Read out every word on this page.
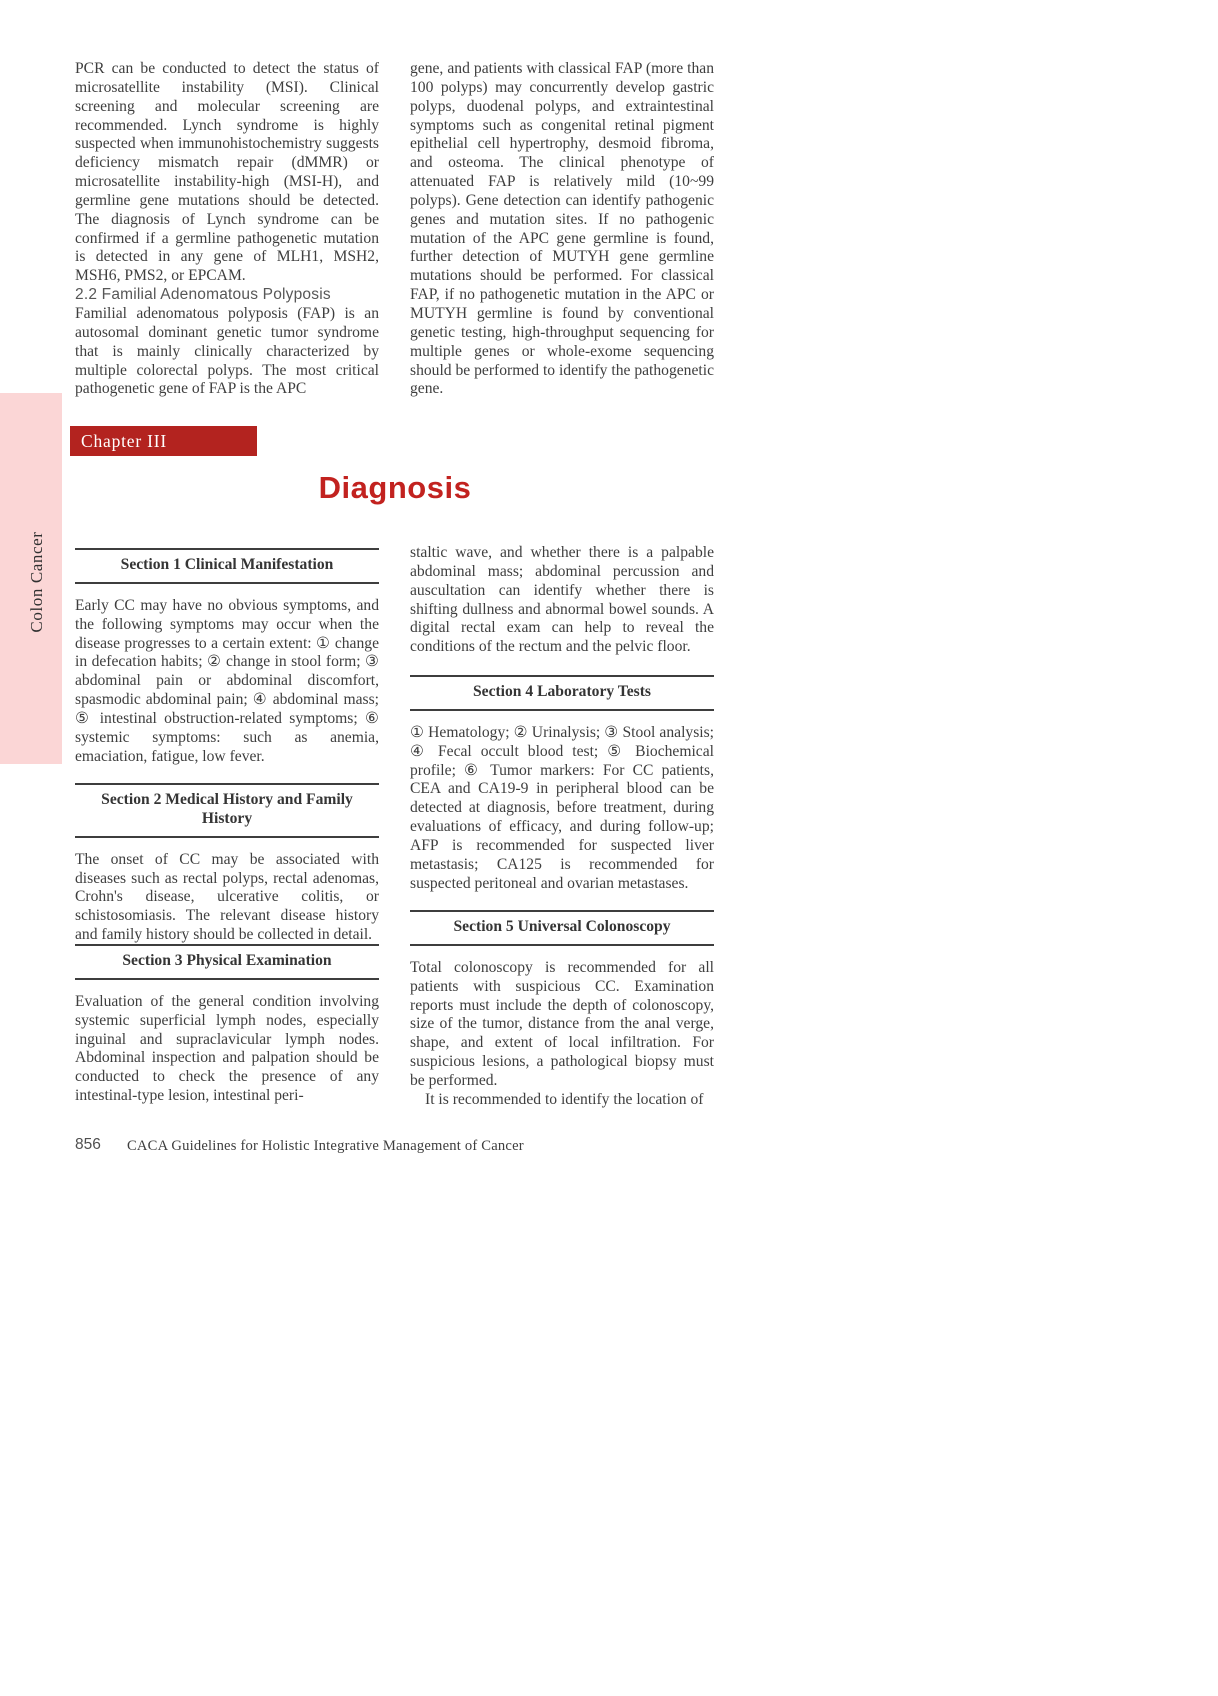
Colon Cancer

PCR can be conducted to detect the status of microsatellite instability (MSI). Clinical screening and molecular screening are recommended. Lynch syndrome is highly suspected when immunohistochemistry suggests deficiency mismatch repair (dMMR) or microsatellite instability-high (MSI-H), and germline gene mutations should be detected. The diagnosis of Lynch syndrome can be confirmed if a germline pathogenetic mutation is detected in any gene of MLH1, MSH2, MSH6, PMS2, or EPCAM.

2.2 Familial Adenomatous Polyposis

Familial adenomatous polyposis (FAP) is an autosomal dominant genetic tumor syndrome that is mainly clinically characterized by multiple colorectal polyps. The most critical pathogenetic gene of FAP is the APC

gene, and patients with classical FAP (more than 100 polyps) may concurrently develop gastric polyps, duodenal polyps, and extraintestinal symptoms such as congenital retinal pigment epithelial cell hypertrophy, desmoid fibroma, and osteoma. The clinical phenotype of attenuated FAP is relatively mild (10~99 polyps). Gene detection can identify pathogenic genes and mutation sites. If no pathogenic mutation of the APC gene germline is found, further detection of MUTYH gene germline mutations should be performed. For classical FAP, if no pathogenetic mutation in the APC or MUTYH germline is found by conventional genetic testing, high-throughput sequencing for multiple genes or whole-exome sequencing should be performed to identify the pathogenetic gene.

Chapter III
Diagnosis
Section 1 Clinical Manifestation

Early CC may have no obvious symptoms, and the following symptoms may occur when the disease progresses to a certain extent: ① change in defecation habits; ② change in stool form; ③ abdominal pain or abdominal discomfort, spasmodic abdominal pain; ④ abdominal mass; ⑤ intestinal obstruction-related symptoms; ⑥ systemic symptoms: such as anemia, emaciation, fatigue, low fever.

Section 2 Medical History and Family History

The onset of CC may be associated with diseases such as rectal polyps, rectal adenomas, Crohn's disease, ulcerative colitis, or schistosomiasis. The relevant disease history and family history should be collected in detail.

Section 3 Physical Examination

Evaluation of the general condition involving systemic superficial lymph nodes, especially inguinal and supraclavicular lymph nodes. Abdominal inspection and palpation should be conducted to check the presence of any intestinal-type lesion, intestinal peri-

staltic wave, and whether there is a palpable abdominal mass; abdominal percussion and auscultation can identify whether there is shifting dullness and abnormal bowel sounds. A digital rectal exam can help to reveal the conditions of the rectum and the pelvic floor.

Section 4 Laboratory Tests

① Hematology; ② Urinalysis; ③ Stool analysis; ④ Fecal occult blood test; ⑤ Biochemical profile; ⑥ Tumor markers: For CC patients, CEA and CA19-9 in peripheral blood can be detected at diagnosis, before treatment, during evaluations of efficacy, and during follow-up; AFP is recommended for suspected liver metastasis; CA125 is recommended for suspected peritoneal and ovarian metastases.

Section 5 Universal Colonoscopy

Total colonoscopy is recommended for all patients with suspicious CC. Examination reports must include the depth of colonoscopy, size of the tumor, distance from the anal verge, shape, and extent of local infiltration. For suspicious lesions, a pathological biopsy must be performed.

It is recommended to identify the location of

856 CACA Guidelines for Holistic Integrative Management of Cancer
